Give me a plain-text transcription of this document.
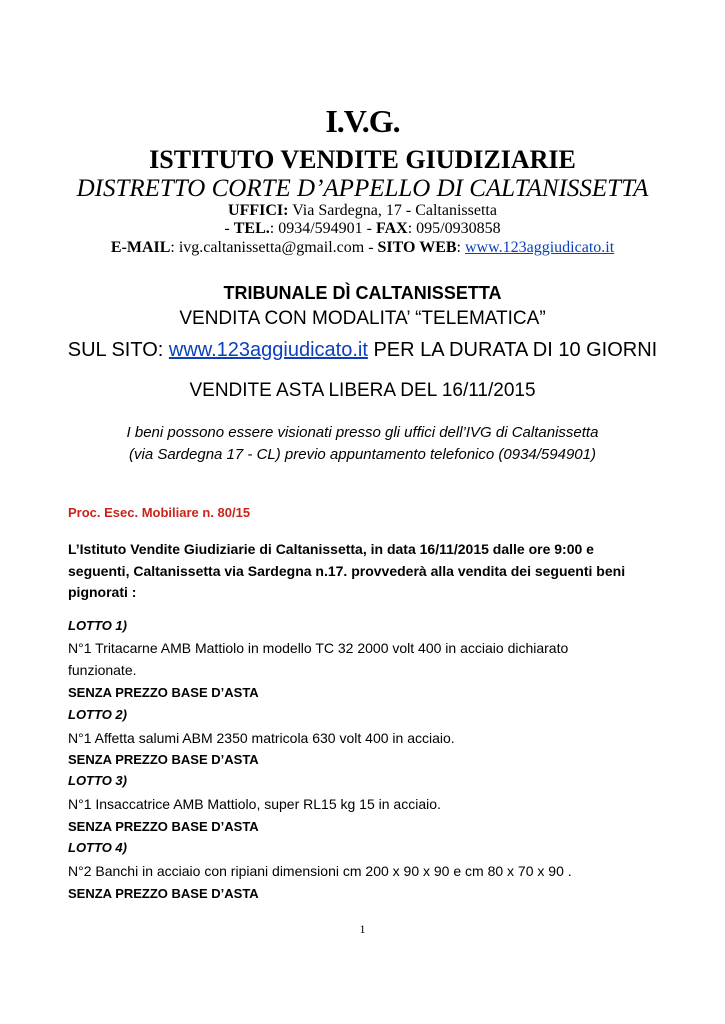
I.V.G.
ISTITUTO VENDITE GIUDIZIARIE
DISTRETTO CORTE D’APPELLO DI CALTANISSETTA
UFFICI: Via Sardegna, 17 - Caltanissetta
- TEL.: 0934/594901 - FAX: 095/0930858
E-MAIL: ivg.caltanissetta@gmail.com - SITO WEB: www.123aggiudicato.it
TRIBUNALE DÌ CALTANISSETTA
VENDITA CON MODALITA’ “TELEMATICA”
SUL SITO: www.123aggiudicato.it PER LA DURATA DI 10 GIORNI
VENDITE ASTA LIBERA DEL 16/11/2015
I beni possono essere visionati presso gli uffici dell’IVG di Caltanissetta
(via Sardegna 17 - CL) previo appuntamento telefonico (0934/594901)
Proc. Esec. Mobiliare n. 80/15
L’Istituto Vendite Giudiziarie di Caltanissetta, in data 16/11/2015 dalle ore 9:00 e
seguenti, Caltanissetta via Sardegna n.17. provvederà alla vendita dei seguenti beni
pignorati :
LOTTO 1)
N°1 Tritacarne AMB Mattiolo in modello TC 32 2000 volt 400 in acciaio dichiarato
funzionate.
SENZA PREZZO BASE D’ASTA
LOTTO 2)
N°1 Affetta salumi ABM 2350 matricola 630 volt 400 in acciaio.
SENZA PREZZO BASE D’ASTA
LOTTO 3)
N°1 Insaccatrice AMB Mattiolo, super RL15 kg 15 in acciaio.
SENZA PREZZO BASE D’ASTA
LOTTO 4)
N°2 Banchi in acciaio con ripiani dimensioni cm 200 x 90 x 90 e cm 80 x 70 x 90 .
SENZA PREZZO BASE D’ASTA
1
